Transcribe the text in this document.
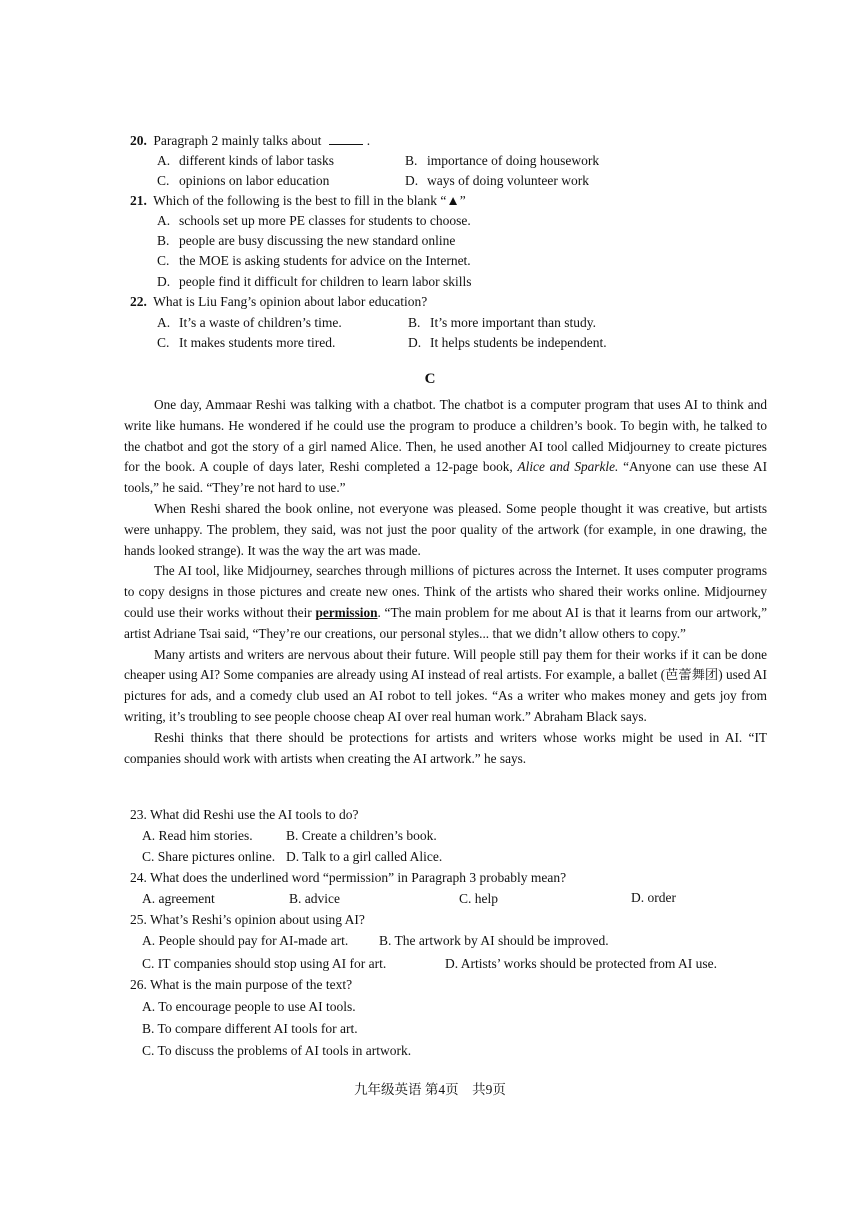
20. Paragraph 2 mainly talks about	.
A. different kinds of labor tasks	B. importance of doing housework
C. opinions on labor education	D. ways of doing volunteer work
21. Which of the following is the best to fill in the blank “▲”
A. schools set up more PE classes for students to choose.
B. people are busy discussing the new standard online
C. the MOE is asking students for advice on the Internet.
D. people find it difficult for children to learn labor skills
22. What is Liu Fang’s opinion about labor education?
A. It’s a waste of children’s time.	B. It’s more important than study.
C. It makes students more tired.	D. It helps students be independent.
C

One day, Ammaar Reshi was talking with a chatbot. The chatbot is a computer program that uses AI to think and write like humans. He wondered if he could use the program to produce a children’s book. To begin with, he talked to the chatbot and got the story of a girl named Alice. Then, he used another AI tool called Midjourney to create pictures for the book. A couple of days later, Reshi completed a 12-page book, Alice and Sparkle. “Anyone can use these AI tools,” he said. “They’re not hard to use.”

When Reshi shared the book online, not everyone was pleased. Some people thought it was creative, but artists were unhappy. The problem, they said, was not just the poor quality of the artwork (for example, in one drawing, the hands looked strange). It was the way the art was made.

The AI tool, like Midjourney, searches through millions of pictures across the Internet. It uses computer programs to copy designs in those pictures and create new ones. Think of the artists who shared their works online. Midjourney could use their works without their permission. “The main problem for me about AI is that it learns from our artwork,” artist Adriane Tsai said, “They’re our creations, our personal styles... that we didn’t allow others to copy.”

Many artists and writers are nervous about their future. Will people still pay them for their works if it can be done cheaper using AI? Some companies are already using AI instead of real artists. For example, a ballet (芭蕾舞团) used AI pictures for ads, and a comedy club used an AI robot to tell jokes. “As a writer who makes money and gets joy from writing, it’s troubling to see people choose cheap AI over real human work.” Abraham Black says.

Reshi thinks that there should be protections for artists and writers whose works might be used in AI. “IT companies should work with artists when creating the AI artwork.” he says.

23. What did Reshi use the AI tools to do?
A. Read him stories. B. Create a children’s book.
C. Share pictures online. D. Talk to a girl called Alice.
24. What does the underlined word “permission” in Paragraph 3 probably mean?
A. agreement	B. advice	C. help	D. order
25. What’s Reshi’s opinion about using AI?
A. People should pay for AI-made art. B. The artwork by AI should be improved.
C. IT companies should stop using AI for art.	D. Artists’ works should be protected from AI use.
26. What is the main purpose of the text?
A. To encourage people to use AI tools.
B. To compare different AI tools for art.
C. To discuss the problems of AI tools in artwork.
九年级英语 第4页　共9页
